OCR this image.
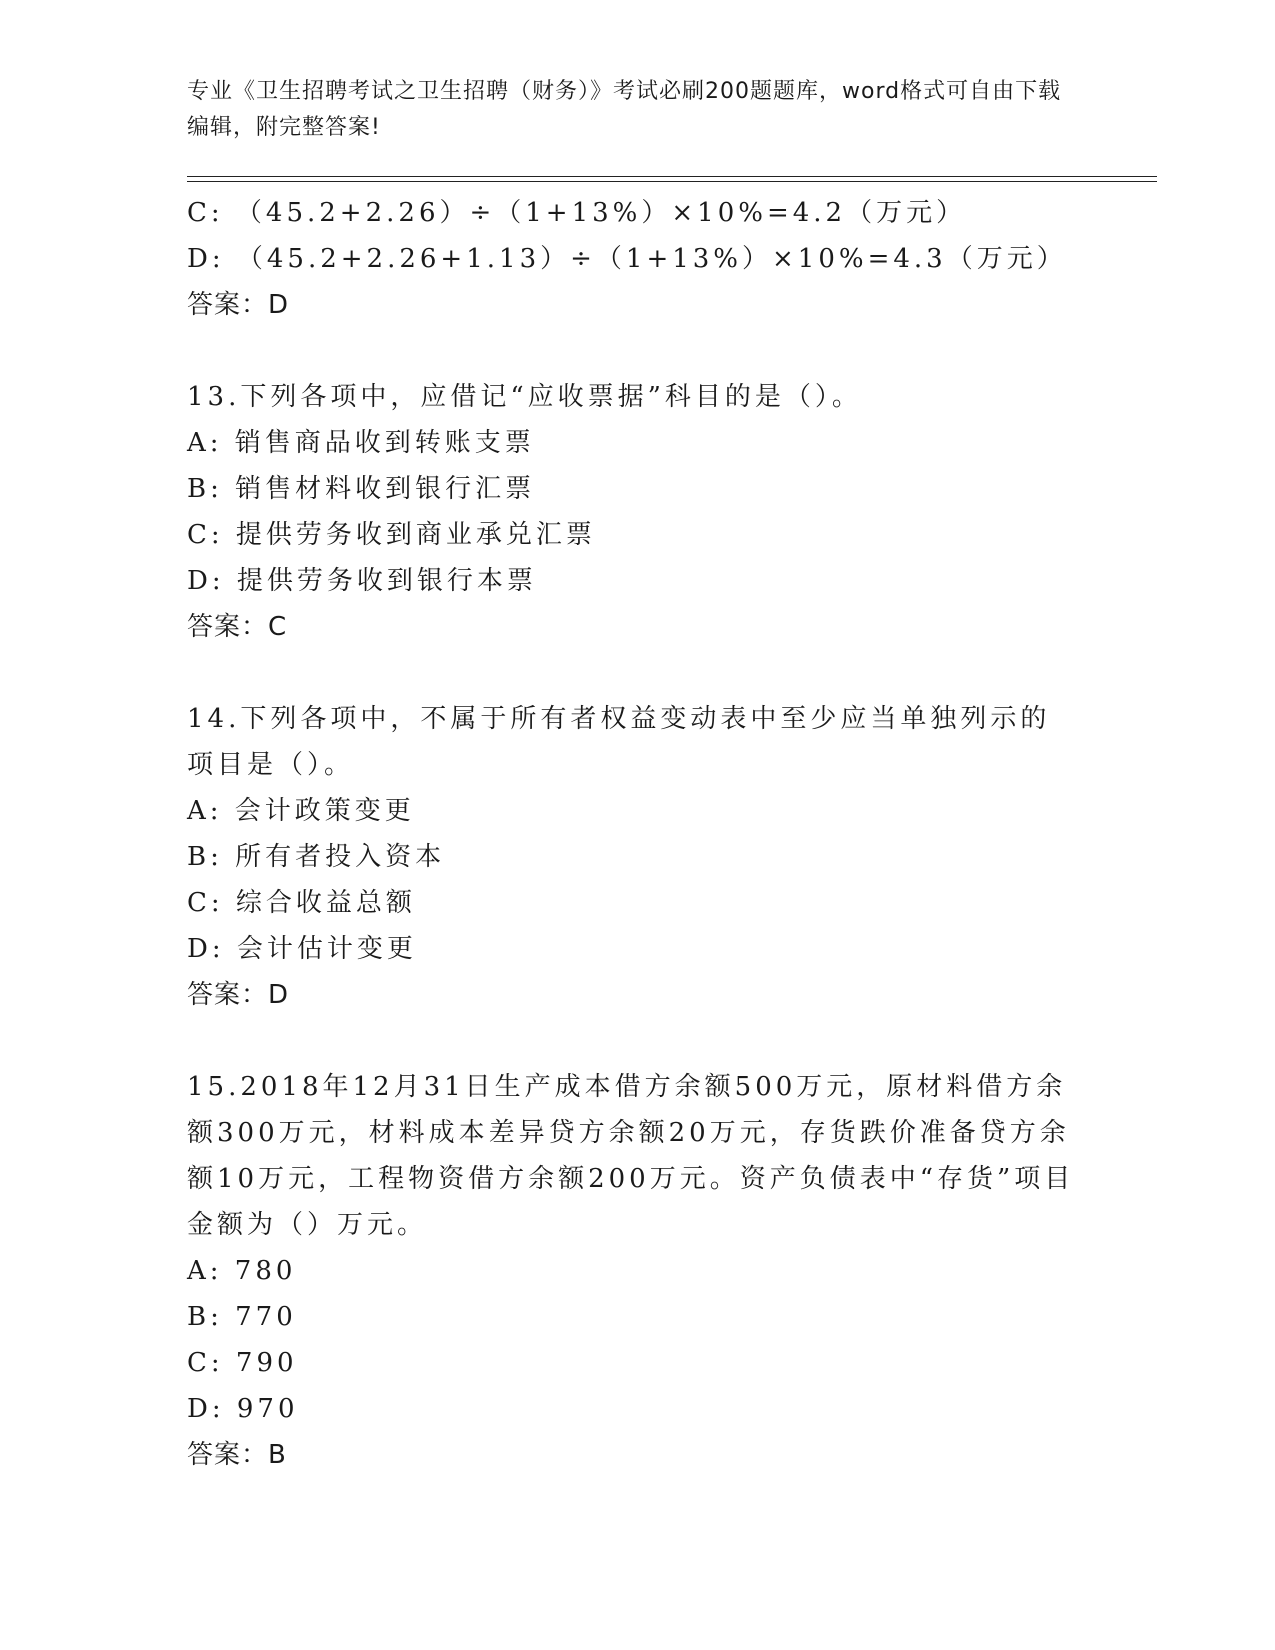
专业《卫生招聘考试之卫生招聘（财务）》考试必刷200题题库，word格式可自由下载编辑，附完整答案!
C: （45.2+2.26）÷（1+13%）×10%=4.2（万元）
D: （45.2+2.26+1.13）÷（1+13%）×10%=4.3（万元）
答案：D
13.下列各项中，应借记“应收票据”科目的是（）。
A: 销售商品收到转账支票
B: 销售材料收到银行汇票
C: 提供劳务收到商业承兑汇票
D: 提供劳务收到银行本票
答案：C
14.下列各项中，不属于所有者权益变动表中至少应当单独列示的项目是（）。
A: 会计政策变更
B: 所有者投入资本
C: 综合收益总额
D: 会计估计变更
答案：D
15.2018年12月31日生产成本借方余额500万元，原材料借方余额300万元，材料成本差异贷方余额20万元，存货跌价准备贷方余额10万元，工程物资借方余额200万元。资产负债表中“存货”项目金额为（）万元。
A: 780
B: 770
C: 790
D: 970
答案：B
